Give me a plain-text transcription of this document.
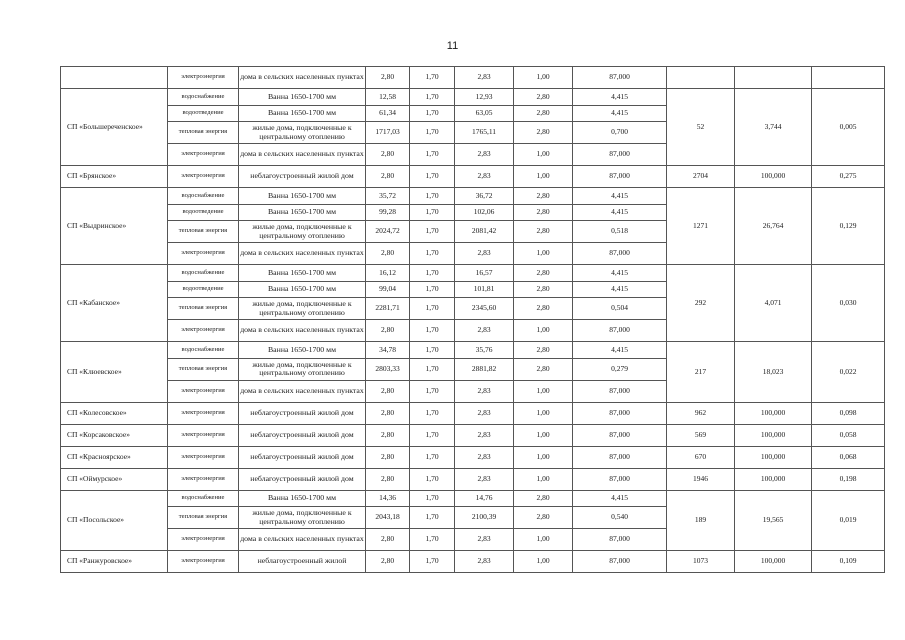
11
	электроэнергия	дома в сельских населенных пунктах	2,80	1,70	2,83	1,00	87,000			
СП «Большереченское»	водоснабжение	Ванна 1650-1700 мм	12,58	1,70	12,93	2,80	4,415	52	3,744	0,005
	водоотведение	Ванна 1650-1700 мм	61,34	1,70	63,05	2,80	4,415			
	тепловая энергия	жилые дома, подключенные к центральному отоплению	1717,03	1,70	1765,11	2,80	0,700			
	электроэнергия	дома в сельских населенных пунктах	2,80	1,70	2,83	1,00	87,000			
СП «Брянское»	электроэнергия	неблагоустроенный жилой дом	2,80	1,70	2,83	1,00	87,000	2704	100,000	0,275
СП «Выдринское»	водоснабжение	Ванна 1650-1700 мм	35,72	1,70	36,72	2,80	4,415	1271	26,764	0,129
	водоотведение	Ванна 1650-1700 мм	99,28	1,70	102,06	2,80	4,415			
	тепловая энергия	жилые дома, подключенные к центральному отоплению	2024,72	1,70	2081,42	2,80	0,518			
	электроэнергия	дома в сельских населенных пунктах	2,80	1,70	2,83	1,00	87,000			
СП «Кабанское»	водоснабжение	Ванна 1650-1700 мм	16,12	1,70	16,57	2,80	4,415	292	4,071	0,030
	водоотведение	Ванна 1650-1700 мм	99,04	1,70	101,81	2,80	4,415			
	тепловая энергия	жилые дома, подключенные к центральному отоплению	2281,71	1,70	2345,60	2,80	0,504			
	электроэнергия	дома в сельских населенных пунктах	2,80	1,70	2,83	1,00	87,000			
СП «Клюевское»	водоснабжение	Ванна 1650-1700 мм	34,78	1,70	35,76	2,80	4,415	217	18,023	0,022
	тепловая энергия	жилые дома, подключенные к центральному отоплению	2803,33	1,70	2881,82	2,80	0,279			
	электроэнергия	дома в сельских населенных пунктах	2,80	1,70	2,83	1,00	87,000			
СП «Колесовское»	электроэнергия	неблагоустроенный жилой дом	2,80	1,70	2,83	1,00	87,000	962	100,000	0,098
СП «Корсаковское»	электроэнергия	неблагоустроенный жилой дом	2,80	1,70	2,83	1,00	87,000	569	100,000	0,058
СП «Красноярское»	электроэнергия	неблагоустроенный жилой дом	2,80	1,70	2,83	1,00	87,000	670	100,000	0,068
СП «Оймурское»	электроэнергия	неблагоустроенный жилой дом	2,80	1,70	2,83	1,00	87,000	1946	100,000	0,198
СП «Посольское»	водоснабжение	Ванна 1650-1700 мм	14,36	1,70	14,76	2,80	4,415	189	19,565	0,019
	тепловая энергия	жилые дома, подключенные к центральному отоплению	2043,18	1,70	2100,39	2,80	0,540			
	электроэнергия	дома в сельских населенных пунктах	2,80	1,70	2,83	1,00	87,000			
СП «Ранжуровское»	электроэнергия	неблагоустроенный жилой	2,80	1,70	2,83	1,00	87,000	1073	100,000	0,109
